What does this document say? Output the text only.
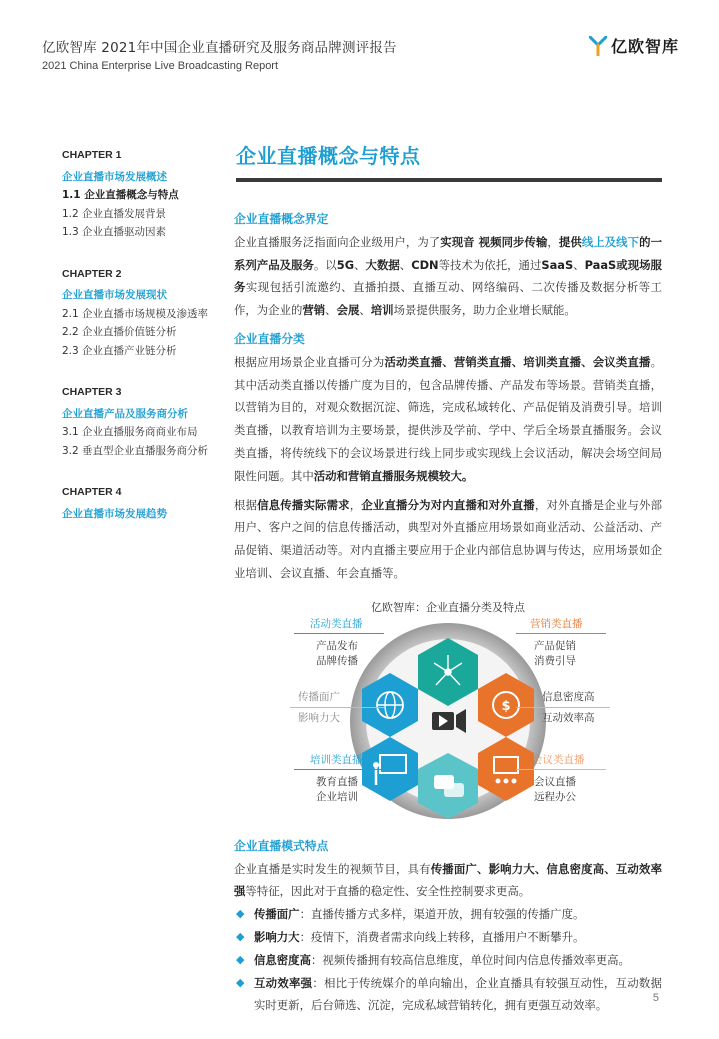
亿欧智库 2021年中国企业直播研究及服务商品牌测评报告
2021 China Enterprise Live Broadcasting Report
亿欧智库
CHAPTER 1
企业直播市场发展概述
1.1 企业直播概念与特点
1.2 企业直播发展背景
1.3 企业直播驱动因素
CHAPTER 2
企业直播市场发展现状
2.1 企业直播市场规模及渗透率
2.2 企业直播价值链分析
2.3 企业直播产业链分析
CHAPTER 3
企业直播产品及服务商分析
3.1 企业直播服务商商业布局
3.2 垂直型企业直播服务商分析
CHAPTER 4
企业直播市场发展趋势
企业直播概念与特点
企业直播概念界定
企业直播服务泛指面向企业级用户，为了实现音 视频同步传输，提供线上及线下的一系列产品及服务。以5G、大数据、CDN等技术为依托，通过SaaS、PaaS或现场服务实现包括引流邀约、直播拍摄、直播互动、网络编码、二次传播及数据分析等工作，为企业的营销、会展、培训场景提供服务，助力企业增长赋能。
企业直播分类
根据应用场景企业直播可分为活动类直播、营销类直播、培训类直播、会议类直播。其中活动类直播以传播广度为目的，包含品牌传播、产品发布等场景。营销类直播，以营销为目的，对观众数据沉淀、筛选，完成私域转化、产品促销及消费引导。培训类直播，以教育培训为主要场景，提供涉及学前、学中、学后全场景直播服务。会议类直播，将传统线下的会议场景进行线上同步或实现线上会议活动，解决会场空间局限性问题。其中活动和营销直播服务规模较大。
根据信息传播实际需求，企业直播分为对内直播和对外直播，对外直播是企业与外部用户、客户之间的信息传播活动，典型对外直播应用场景如商业活动、公益活动、产品促销、渠道活动等。对内直播主要应用于企业内部信息协调与传达，应用场景如企业培训、会议直播、年会直播等。
亿欧智库：企业直播分类及特点
$
活动类直播
产品发布
品牌传播
营销类直播
产品促销
消费引导
传播面广
影响力大
信息密度高
互动效率高
培训类直播
教育直播
企业培训
会议类直播
会议直播
远程办公
企业直播模式特点
企业直播是实时发生的视频节目，具有传播面广、影响力大、信息密度高、互动效率强等特征，因此对于直播的稳定性、安全性控制要求更高。
◆ 传播面广：直播传播方式多样，渠道开放，拥有较强的传播广度。
◆ 影响力大：疫情下，消费者需求向线上转移，直播用户不断攀升。
◆ 信息密度高：视频传播拥有较高信息维度，单位时间内信息传播效率更高。
◆ 互动效率强：相比于传统媒介的单向输出，企业直播具有较强互动性，互动数据实时更新，后台筛选、沉淀，完成私域营销转化，拥有更强互动效率。
5
